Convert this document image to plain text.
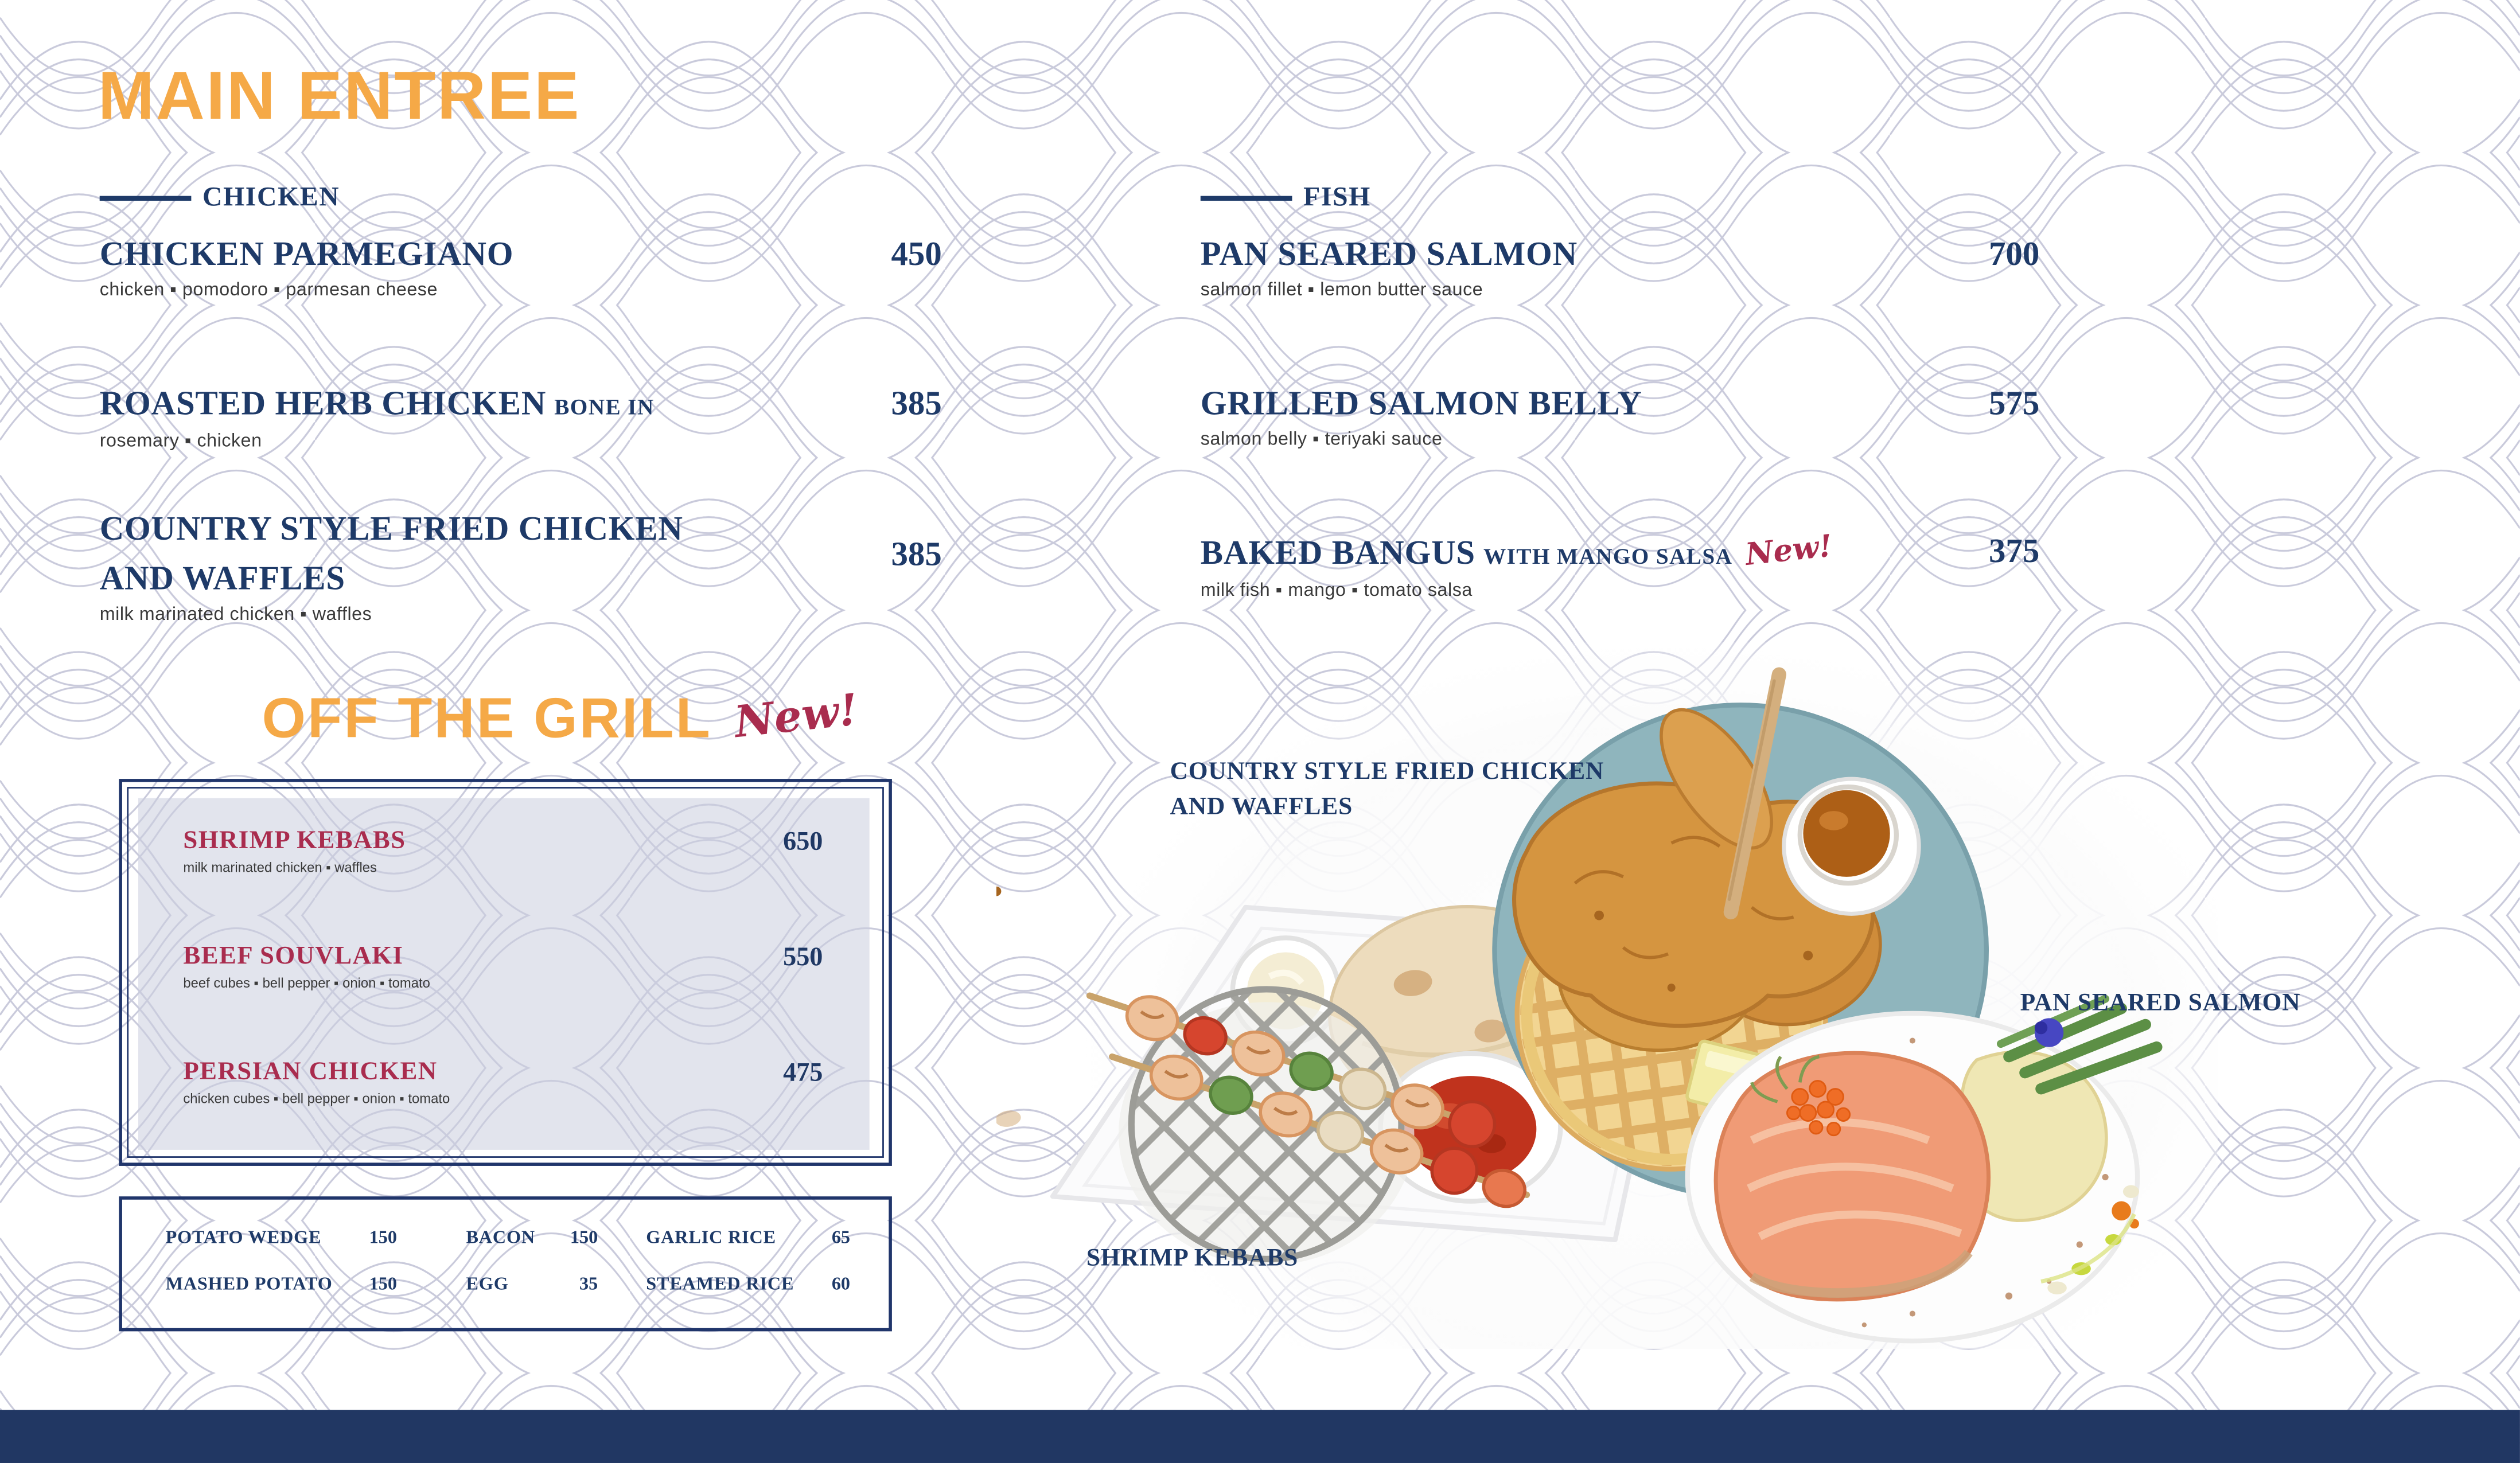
MAIN ENTREE
CHICKEN
CHICKEN PARMEGIANO	450
chicken ▪ pomodoro ▪ parmesan cheese
ROASTED HERB CHICKEN BONE IN	385
rosemary ▪ chicken
COUNTRY STYLE FRIED CHICKEN AND WAFFLES
385
milk marinated chicken ▪ waffles
FISH
PAN SEARED SALMON	700
salmon fillet ▪ lemon butter sauce
GRILLED SALMON BELLY	575
salmon belly ▪ teriyaki sauce
BAKED BANGUS WITH MANGO SALSA New!	375
milk fish ▪ mango ▪ tomato salsa
OFF THE GRILL New!
SHRIMP KEBABS	650
milk marinated chicken ▪ waffles
BEEF SOUVLAKI	550
beef cubes ▪ bell pepper ▪ onion ▪ tomato
PERSIAN CHICKEN	475
chicken cubes ▪ bell pepper ▪ onion ▪ tomato
POTATO WEDGE	150	BACON	150	GARLIC RICE	65
MASHED POTATO	150	EGG	35	STEAMED RICE	60
COUNTRY STYLE FRIED CHICKEN AND WAFFLES
PAN SEARED SALMON
SHRIMP KEBABS
